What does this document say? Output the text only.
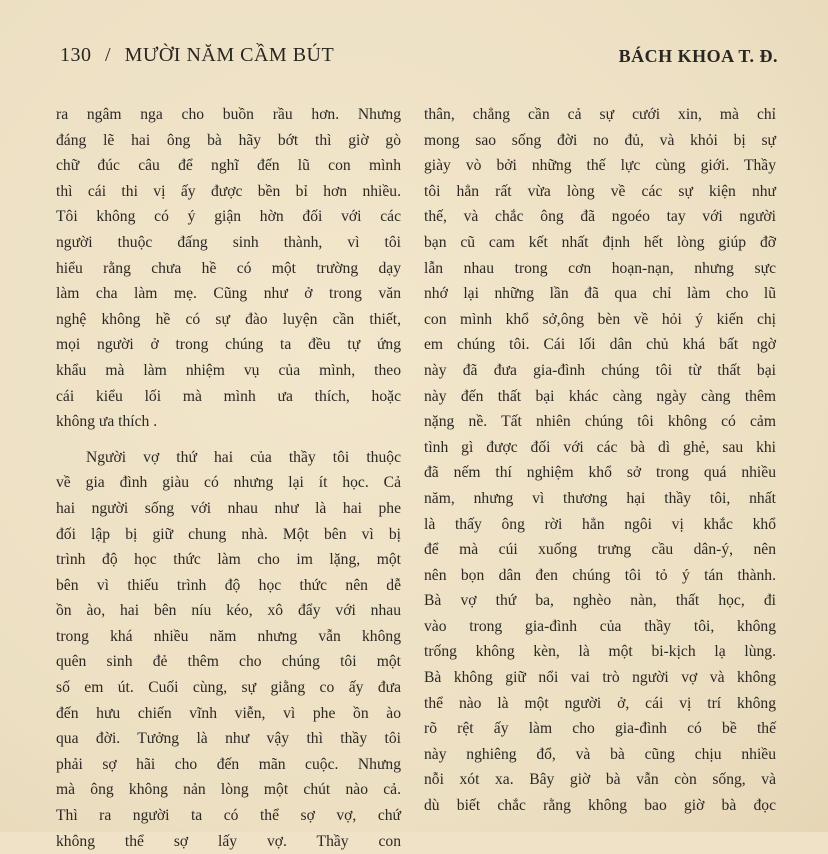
130 / MƯỜI NĂM CẦM BÚT	BÁCH KHOA T. Đ.
ra ngâm nga cho buồn rầu hơn. Nhưng
đáng lẽ hai ông bà hãy bớt thì giờ gò
chữ đúc câu để nghĩ đến lũ con mình
thì cái thi vị ấy được bền bỉ hơn nhiều.
Tôi không có ý giận hờn đối với các
người thuộc đấng sinh thành, vì tôi
hiểu rằng chưa hề có một trường dạy
làm cha làm mẹ. Cũng như ở trong văn
nghệ không hề có sự đào luyện cần thiết,
mọi người ở trong chúng ta đều tự ứng
khẩu mà làm nhiệm vụ của mình, theo
cái kiểu lối mà mình ưa thích, hoặc
không ưa thích .
Người vợ thứ hai của thầy tôi thuộc
về gia đình giàu có nhưng lại ít học. Cả
hai người sống với nhau như là hai phe
đối lập bị giữ chung nhà. Một bên vì bị
trình độ học thức làm cho im lặng, một
bên vì thiếu trình độ học thức nên dễ
ồn ào, hai bên níu kéo, xô đẩy với nhau
trong khá nhiều năm nhưng vẫn không
quên sinh đẻ thêm cho chúng tôi một
số em út. Cuối cùng, sự giằng co ấy đưa
đến hưu chiến vĩnh viễn, vì phe ồn ào
qua đời. Tưởng là như vậy thì thầy tôi
phải sợ hãi cho đến mãn cuộc. Nhưng
mà ông không nản lòng một chút nào cả.
Thì ra người ta có thể sợ vợ, chứ
không thể sợ lấy vợ. Thầy con
thân, chẳng cần cả sự cưới xin, mà chỉ
mong sao sống đời no đủ, và khỏi bị sự
giày vò bởi những thế lực cùng giới. Thầy
tôi hẳn rất vừa lòng về các sự kiện như
thế, và chắc ông đã ngoéo tay với người
bạn cũ cam kết nhất định hết lòng giúp đỡ
lẫn nhau trong cơn hoạn-nạn, nhưng sực
nhớ lại những lần đã qua chỉ làm cho lũ
con mình khổ sở,ông bèn về hỏi ý kiến chị
em chúng tôi. Cái lối dân chủ khá bất ngờ
này đã đưa gia-đình chúng tôi từ thất bại
này đến thất bại khác càng ngày càng thêm
nặng nề. Tất nhiên chúng tôi không có cảm
tình gì được đối với các bà dì ghẻ, sau khi
đã nếm thí nghiệm khổ sở trong quá nhiều
năm, nhưng vì thương hại thầy tôi, nhất
là thấy ông rời hẳn ngôi vị khắc khổ
để mà cúi xuống trưng cầu dân-ý, nên
nên bọn dân đen chúng tôi tỏ ý tán thành.
Bà vợ thứ ba, nghèo nàn, thất học, đi
vào trong gia-đình của thầy tôi, không
trống không kèn, là một bi-kịch lạ lùng.
Bà không giữ nổi vai trò người vợ và không
thể nào là một người ở, cái vị trí không
rõ rệt ấy làm cho gia-đình có bề thế
này nghiêng đổ, và bà cũng chịu nhiều
nỗi xót xa. Bây giờ bà vẫn còn sống, và
dù biết chắc rằng không bao giờ bà đọc
